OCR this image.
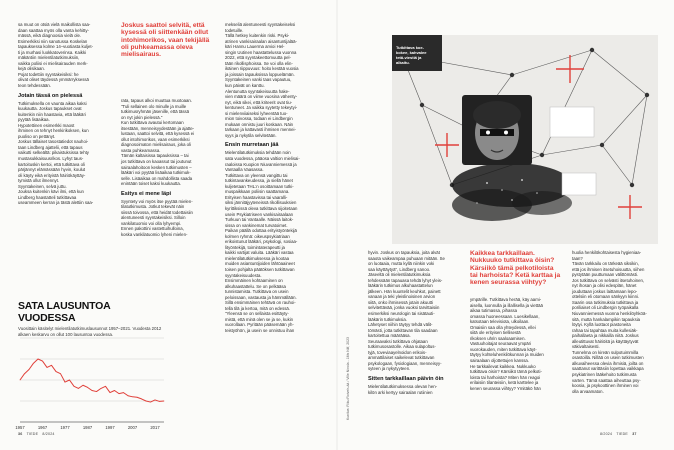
sa muut on otsiä vielä maikollista saa-
daan saattaa myös olla vanta kehitty-
mässä, eikä diagnoosia vielä ole.
Esimerkiksi niin sanotussa Koskelan
tapauksessa kolme 14–vuotiasta kuljet-
ti ja murhasi luokkatoverinsa. Kaikki
mäkäntiin mielentilatutkimuksiin,
vaikka poliisi ei mielisairauden merk-
kejä olisikaan.
Pojat todettiin syyntakeisiksi: he
olivat oliset täydessä ymmärryksessä
teon tehdessään.
Jotain tässä on pielessä
Tutkimuksella on vaunta aikaa kaksi
kuukautta. Joskus tapaukset ovat
kuitenkin niin haastavia, että lääkäri
pyytää lisäaikaa.
Hypotettinen esimerkki maost
ihminen on tehnyt henkirikoksen, kun
puoliso on pettänyt.
Joskus tällaiset tasostatiedot nauhoi-
taan Lindberg ajattelii, että tapaus
vaikutti selkeältä: pikaistuksissa tehty
mustasukkaisuusrikos. Lyhyt taus-
kartoituskin kertoi, että tutkittava oli
pärjännyt elämässään hyvin, koulut
oli käyty eikä erityistä häiriökäyttäy-
tymistä ollut ilmennyt.
Syyntakeinen, selvä juttu.
Jouksa kuitenkin kävi ilmi, että kun
Lindberg haastatteli tutkittavaa
useammeen kerran ja tästä alettiin saa-
Joskus saattoi selvitä, että kysessä oli siittenkään ollut intohimorikos, vaan tekijällä oli puhkeamassa oleva mielisairaus.
rata, tapaus alkoi muuttua muotoaan.
"Tuli sellainen olo minulle ja muille
tutkimusryhmän jäsenille, että tässä
on nyt jokin pielessä."
Kun tutkittava avautui kertomaan
itsestään, menneisyydestään ja ajatte-
lustaan, saattoi selvitä, että kysessä ei
ollut intohimorikos, vaan esimerkiksi
diagnosoimaton mielisairaus, joka oli
vasta puhkeamassa.
Tämän kaltaisissa tapauksissa – tai
jos tutkittava on kaoassut tai joutunut
sairaalahoitoon kesken tutkimusten –
lääkäri voi pyytää lisäaikaa tutkimuk-
selle. Lisäaikaa on mahdollista saada
enintään toiset kaksi kuukautta.
Esitys ei mene läpi
Syyntety voi myös itse pyytää mielen-
tilatutkimusta. Jotkut tekevät näin
siissä toivossa, että heidät todettaisiin
alentuneesti syyntakeisiksi. Silloin
vankilatuomio voi olla lyhyempi.
Ennen pakottini vastettuihulloina,
koska vankilatuomio lyheni mielen-
mekseliä alentuneesti syyntakeiseksi
todetuille.
Tällä hetkey kuitenkin riski. Psyki-
atrinen vankisairaalan aisantuntijalää-
käri Hannu Lauerma arvioi Hel-
singin Uutinen haastattelussa vuonna
2022, että syyntakeettomuutta pel-
tään rikollisphoissa. Se voi olla elin-
ikäinen riippuvuus: hoito kestää vuosia
ja joissain tapauksissa loppuelämän.
Syyntakeinen vanki taas vapautuu,
kun päivät on kanttu.
Alentunutta syyntakeisuutta hake-
vien määrä on viime vuosina vähenty-
nyt, eikä sikei, että kriteerit ovat tiu-
kentuneet. Ja vaikka syytetty tekeytyi-
si mielenviiaiseksi lyheentää tuo-
mion toivossa, todaan ei Lindbergin
mukaan onnistu juuri koskaan. Näin
tarkaan ja kattavasti ihmisen mennei-
syys ja nykytila selvitetään.
Ensin murretaan jää
Mielentilatutkimuksia tehdään noin
sata vuodessa, pääosa valtion mielisai-
raaloissa Kuopion Niuvanniemessä ja
Vantaalla Vaasassa.
Tutkittava on yleensä vangittu tai
tutkintavankeudessa, ja siellä hänet
kuljetetaan THL:n osoittamaan tutki-
muspaikkaan poliisin saattamana.
Erityisen haastavissa tai vaaralli-
siksi jännitäjyyteneissä rikollisuuksien
kyrittiksissä oleva tutkittava sijoitetaan
usein Psykiatriseen vankisairaalaan
Turkuun tai Vantaalle. Näissä laitok-
sissa on vankinemat turvatoimet.
Paikan päällä odottaa erityistyöntekijä
kolmen ryhmä: oikeuspsykiatriaan
erikoistunut lääkäri, psykologi, sosiaa-
lityöntekijä, toimintaterapeutti ja
kaikki vartijat valuita. Lääkäri vastaa
mielentilatutkimuksessa ja kootaa
muiden asiantuntijoiden lähtöaaineet
toisen pohjalta päätöksen tutkittavan
syyntakeisuudesta.
Ensimmäinen kohtaaminen on
alkuhaastattelu. Se on pelkääsa
tunnistamista. Tutkittava on usein
peloissaan, vastausta ja hämmällään.
Sillä ensimmäinen tehtävä on rauhoi-
tella tilä ja kertoa, mitä on edessä.
"Yleensä se on sellaista esittäyty-
mistä, että minä olen se ja se, kukin
vuorollaan. Pyritään pääsemään yh-
teistyöhön, ja usein se onnistuu ihan
SATA LAUSUNTOA VUODESSA
Vuosittain käsitelyt mielentilatutkimuslausunnot 1957–2021. Vuodesta 2012 alkaen keskarvu on ollut 100 lausuntoa vuodessa.
1957	1967	1977	1987	1997	2007	2017
36 TIEDE 8/2024
Tutkittava koe-kokee, kahvalee tetä-viestiä ja alkaitu.
Kuvitus: Riku Roiveh-ää / Ville Nivola - 1Ms Nilf, 2023
hyvin. Joskus on tapauksia, joita alvät
saaota vaikeampaa puhuaan mitään. Se
on luotaaia, mutta kyllä niinkin voki
saa käyttäytyä", Lindberg sanoo.
Jäseeltä oli mielentilatutkimuksia
tehdessään tapauasa tehdä lyhyt yleis-
lääkärin tutkimus alkuhaastattelun
jälkeen. Hän kuuntelit keuhkot, painett
vanaan ja teki yleislinoisinen arvion
siitä, onko ihmisessä jotain akuutti
selvitettävää, jonka vuoksi tarvittaisiin
esimerkiksi neurologin tai sisätauti-
lääkärin tutkimuksia.
Lähetyset niihin täytyy tehdä välit-
tömästi, jotta tutkittavan tila saadaan
kartoitettua määrääsa.
Seuraavaksi tutkittava ohjataan
tutkimusosastolle. Aikaa sulapoltus-
tyjä, toveviaayelnoidon erikois-
ammattilaiset saikelevat tutkittavan
psykologaan, fysiologiaan, menneisyy-
syteen ja nykytyyteen.
Sitten tarkkaillaan päivin öin
Mielentilatutkimuksessa olevan hen-
kilön arki kertyy sairaalan rutiinien
Kaikkea tarkkaillaan. Nukkuuko tutkittava öisin? Kärsiikö tämä pelkotiloista tai harhoista? Ketä karttaa ja kenen seurassa viihtyy?
ympärille. Tutkittava herää, käy aami-
aisella, luonnulla ja illallisella ja viettää
aikaa tutimassa, pihassa
omassa huoneessaan. Luesikellaan,
katsotaan televisiota, ulkoilaan.
Omaisiin saa olla yhteydessä, ellei
siitä ole erityisen tiellisestä
rikoksen uhrin saaloaamisen.
Vastuuhoitajat seuraavat ympäri
vuorokauden, miten tutkittava käyt-
täytyy kohteluhenkilökunnan ja muiden
sairaalaan oljottettujen kanssa.
He tarkkailevat kaikkea. Nukkuuko
tutkittava öisin? Kärsiikö tämä pelkoti-
loista tai harhoista? Miten hän reagoi
erilaisiin tilanteisiin, ketä karttelee ja
kenen seurassa viihtyy? Ymitäkö hän
huolia henkilökohtaisesta hygieniaa-
taan?
Tävän tarkkailu on tärkeää siksikin,
että jos ihmisen itsetuhoisuutta, siihen
pystytään puuttumaan välittömästi.
Jos tutkittava on selvästi itsetuhoinen,
nyt ihosan ja olisi edesplän, hänet
jouduttaan joskus laittamaan lepo-
ottelsiin eli otomaan sänkyyn kiinni.
Saarin osa tutkimuksia tutkittava ja
poriliaiset oli Lindbergin työpaikalla
Niuvanniemessä vuonna henkilöyhköä-
sitä, mutta hankalampikin tapauksia
löytyi. Kyllä luottaot piastoneita
rahaa tai tapahtaa muita kullesiäk-
paihallaeta ja nikkailla niitä. Joskus
alleutittuvat häiriöitä ja käyttäytyvät
väkivaltaisesti.
Tunnelma on kireän sulpotuimmilla
osastoilla. Nillää on usein tutkimusten
alkuvaiheessa olevia ihmisiä, joilta on
saattanut varittäsiin lopettaa vaikkapa
psykiatrinen lääkehoito tutkimusta
varten. Tämä saattaa aiheuttaa psy-
koosia, ja psykoottinen ihminen voi
olla arvaamaton.
8/2024 TIEDE 37
